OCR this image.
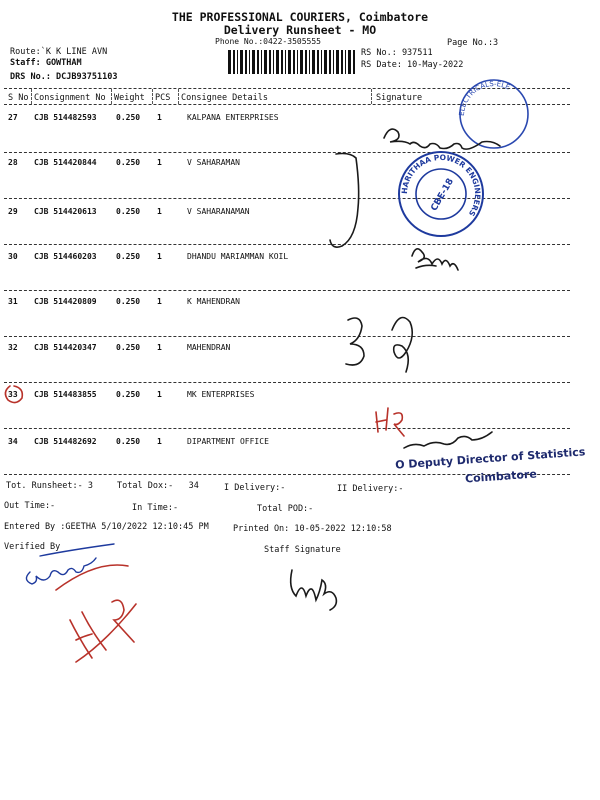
THE PROFESSIONAL COURIERS, Coimbatore
Delivery Runsheet - MO
Phone No.:0422-3505555	Page No.:3
Route:`K K LINE AVN
Staff: GOWTHAM
DRS No.: DCJB93751103
RS No.: 937511
RS Date: 10-May-2022
S No Consignment No Weight PCS Consignee Details	Signature
27 CJB 514482593 0.250 1	KALPANA ENTERPRISES
28 CJB 514420844 0.250 1	V SAHARAMAN
29 CJB 514420613 0.250 1	V SAHARANAMAN
30 CJB 514460203 0.250 1	DHANDU MARIAMMAN KOIL
31 CJB 514420809 0.250 1	K MAHENDRAN
32 CJB 514420347 0.250 1	MAHENDRAN
33 CJB 514483855 0.250 1	MK ENTERPRISES
34 CJB 514482692 0.250 1	DIPARTMENT OFFICE
Tot. Runsheet:- 3	Total Dox:-   34	I Delivery:-	II Delivery:-
Out Time:-	In Time:-	Total POD:-
Entered By :GEETHA 5/10/2022 12:10:45 PM	Printed On: 10-05-2022 12:10:58
Verified By	Staff Signature
O Deputy Director of Statistics
Coimbatore
HARITHAA POWER ENGINEERS
CBE-18
ELECTRICALS-ELE
